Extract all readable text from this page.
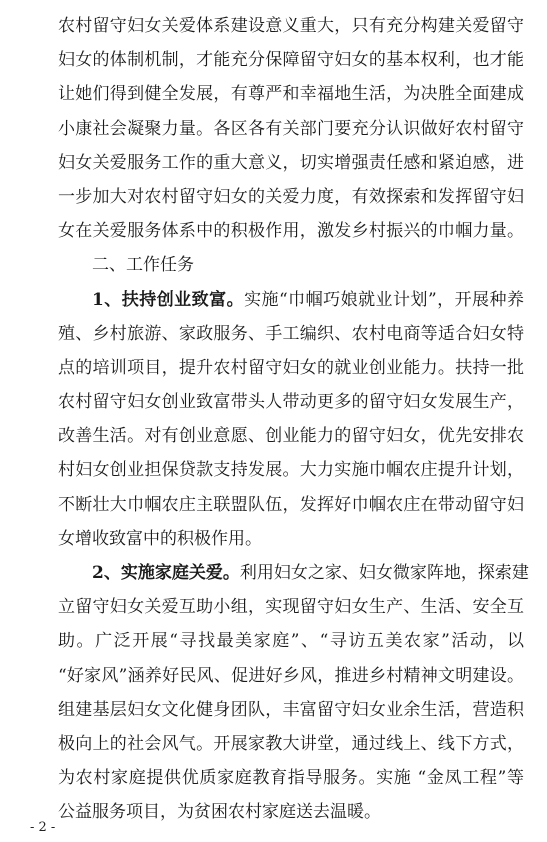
农村留守妇女关爱体系建设意义重大，只有充分构建关爱留守
妇女的体制机制，才能充分保障留守妇女的基本权利，也才能
让她们得到健全发展，有尊严和幸福地生活，为决胜全面建成
小康社会凝聚力量。各区各有关部门要充分认识做好农村留守
妇女关爱服务工作的重大意义，切实增强责任感和紧迫感，进
一步加大对农村留守妇女的关爱力度，有效探索和发挥留守妇
女在关爱服务体系中的积极作用，激发乡村振兴的巾帼力量。
二、工作任务
1、扶持创业致富。实施“巾帼巧娘就业计划”，开展种养
殖、乡村旅游、家政服务、手工编织、农村电商等适合妇女特
点的培训项目，提升农村留守妇女的就业创业能力。扶持一批
农村留守妇女创业致富带头人带动更多的留守妇女发展生产，
改善生活。对有创业意愿、创业能力的留守妇女，优先安排农
村妇女创业担保贷款支持发展。大力实施巾帼农庄提升计划，
不断壮大巾帼农庄主联盟队伍，发挥好巾帼农庄在带动留守妇
女增收致富中的积极作用。
2、实施家庭关爱。利用妇女之家、妇女微家阵地，探索建
立留守妇女关爱互助小组，实现留守妇女生产、生活、安全互
助。广泛开展“寻找最美家庭”、“寻访五美农家”活动，以
“好家风”涵养好民风、促进好乡风，推进乡村精神文明建设。
组建基层妇女文化健身团队，丰富留守妇女业余生活，营造积
极向上的社会风气。开展家教大讲堂，通过线上、线下方式，
为农村家庭提供优质家庭教育指导服务。实施 “金凤工程”等
公益服务项目，为贫困农村家庭送去温暖。
- 2 -
